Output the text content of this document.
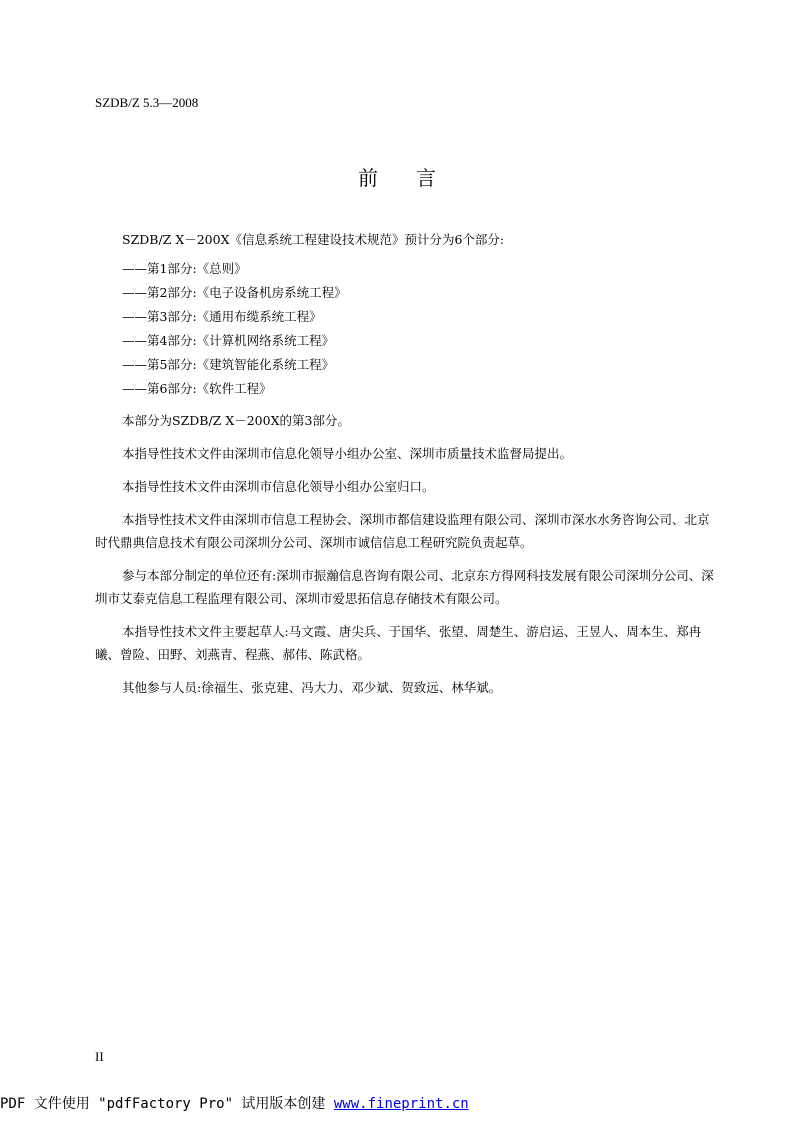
SZDB/Z 5.3—2008
前言

SZDB/Z X－200X《信息系统工程建设技术规范》预计分为6个部分:

——第1部分:《总则》
——第2部分:《电子设备机房系统工程》
——第3部分:《通用布缆系统工程》
——第4部分:《计算机网络系统工程》
——第5部分:《建筑智能化系统工程》
——第6部分:《软件工程》

本部分为SZDB/Z X－200X的第3部分。

本指导性技术文件由深圳市信息化领导小组办公室、深圳市质量技术监督局提出。

本指导性技术文件由深圳市信息化领导小组办公室归口。

本指导性技术文件由深圳市信息工程协会、深圳市都信建设监理有限公司、深圳市深水水务咨询公司、北京时代鼎典信息技术有限公司深圳分公司、深圳市诚信信息工程研究院负责起草。

参与本部分制定的单位还有:深圳市振瀚信息咨询有限公司、北京东方得网科技发展有限公司深圳分公司、深圳市艾泰克信息工程监理有限公司、深圳市爱思拓信息存储技术有限公司。

本指导性技术文件主要起草人:马文霞、唐尖兵、于国华、张望、周楚生、游启运、王昱人、周本生、郑冉曦、曾险、田野、刘燕青、程燕、郝伟、陈武格。

其他参与人员:徐福生、张克建、冯大力、邓少斌、贺致远、林华斌。

II
PDF 文件使用 "pdfFactory Pro" 试用版本创建 www.fineprint.cn
